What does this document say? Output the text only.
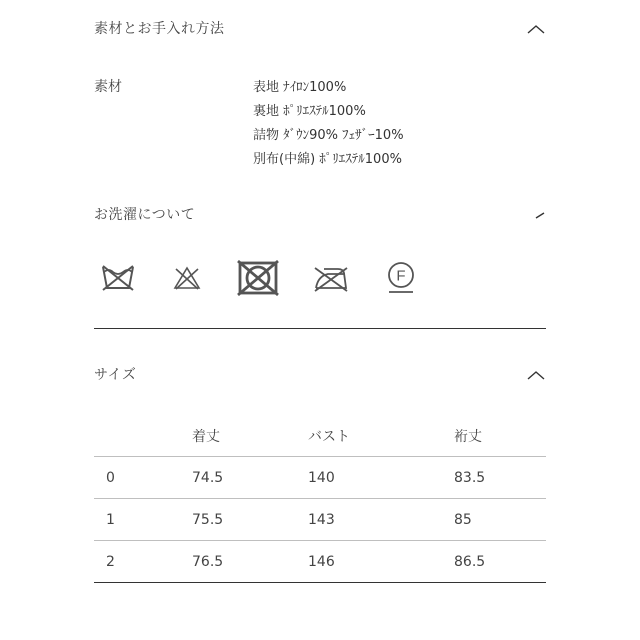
素材とお手入れ方法
素材	表地 ﾅｲﾛﾝ100%
裏地 ﾎﾟﾘｴｽﾃﾙ100%
詰物 ﾀﾞｳﾝ90% ﾌｪｻﾞｰ10%
別布(中綿) ﾎﾟﾘｴｽﾃﾙ100%
お洗濯について
F
サイズ
	着丈	バスト	裄丈
0	74.5	140	83.5
1	75.5	143	85
2	76.5	146	86.5
